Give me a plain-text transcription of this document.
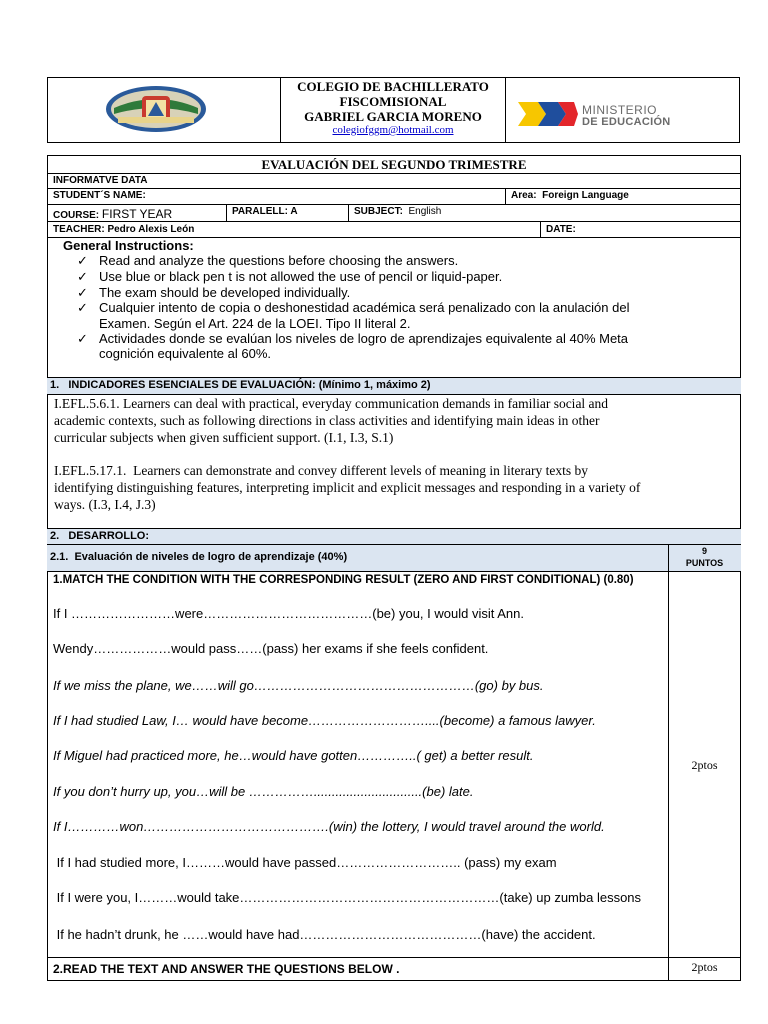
COLEGIO DE BACHILLERATO
FISCOMISIONAL
GABRIEL GARCIA MORENO
colegiofggm@hotmail.com
MINISTERIO
DE EDUCACIÓN
EVALUACIÓN DEL SEGUNDO TRIMESTRE
INFORMATVE DATA
STUDENT´S NAME:	Area: Foreign Language
COURSE: FIRST YEAR	PARALELL: A	SUBJECT: English
TEACHER: Pedro Alexis León	DATE:
General Instructions:
✓ Read and analyze the questions before choosing the answers.
✓ Use blue or black pen t is not allowed the use of pencil or liquid-paper.
✓ The exam should be developed individually.
✓ Cualquier intento de copia o deshonestidad académica será penalizado con la anulación del
Examen. Según el Art. 224 de la LOEI. Tipo II literal 2.
✓ Actividades donde se evalúan los niveles de logro de aprendizajes equivalente al 40% Meta
cognición equivalente al 60%.
1.   INDICADORES ESENCIALES DE EVALUACIÓN: (Mínimo 1, máximo 2)
I.EFL.5.6.1. Learners can deal with practical, everyday communication demands in familiar social and
academic contexts, such as following directions in class activities and identifying main ideas in other
curricular subjects when given sufficient support. (I.1, I.3, S.1)
I.EFL.5.17.1.  Learners can demonstrate and convey different levels of meaning in literary texts by
identifying distinguishing features, interpreting implicit and explicit messages and responding in a variety of
ways. (I.3, I.4, J.3)
2.   DESARROLLO:
2.1.  Evaluación de niveles de logro de aprendizaje (40%)	9
PUNTOS
1.MATCH THE CONDITION WITH THE CORRESPONDING RESULT (ZERO AND FIRST CONDITIONAL) (0.80)
2ptos
If I ……………………were…………………………………(be) you, I would visit Ann.
Wendy………………would pass……(pass) her exams if she feels confident.
If we miss the plane, we……will go……………………………………………(go) by bus.
If I had studied Law, I… would have become………………………....(become) a famous lawyer.
If Miguel had practiced more, he…would have gotten…………..( get) a better result.
If you don’t hurry up, you…will be ……………..............................(be) late.
If I…………won…………………………………….(win) the lottery, I would travel around the world.
If I had studied more, I………would have passed……………………….. (pass) my exam
If I were you, I………would take……………………………………………………(take) up zumba lessons
If he hadn’t drunk, he ……would have had……………………………………(have) the accident.
2.READ THE TEXT AND ANSWER THE QUESTIONS BELOW .	2ptos
